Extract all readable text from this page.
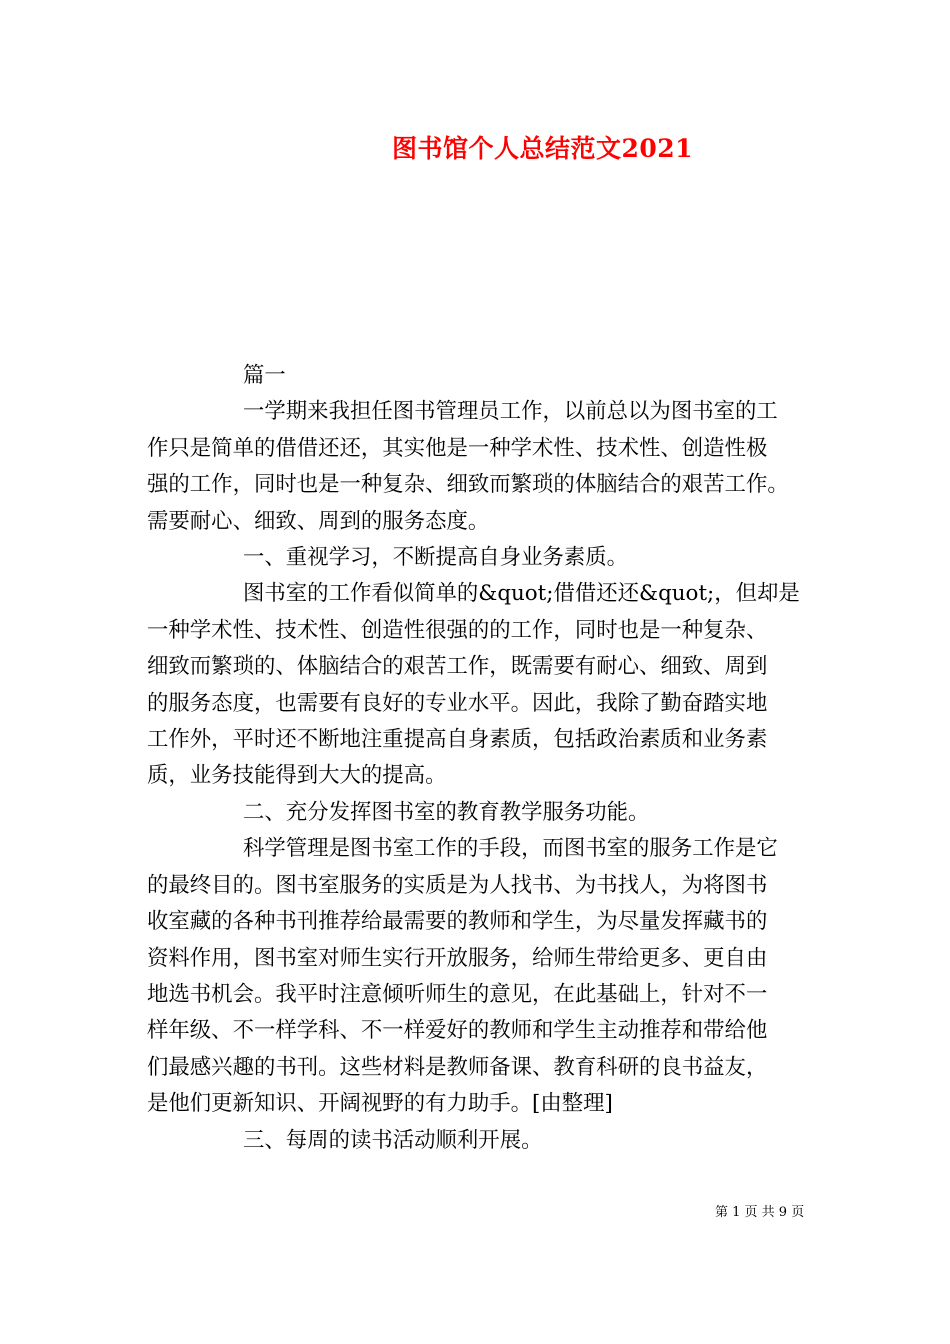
图书馆个人总结范文2021

篇一

一学期来我担任图书管理员工作，以前总以为图书室的工

作只是简单的借借还还，其实他是一种学术性、技术性、创造性极

强的工作，同时也是一种复杂、细致而繁琐的体脑结合的艰苦工作。

需要耐心、细致、周到的服务态度。

一、重视学习，不断提高自身业务素质。

图书室的工作看似简单的&quot;借借还还&quot;，但却是

一种学术性、技术性、创造性很强的的工作，同时也是一种复杂、

细致而繁琐的、体脑结合的艰苦工作，既需要有耐心、细致、周到

的服务态度，也需要有良好的专业水平。因此，我除了勤奋踏实地

工作外，平时还不断地注重提高自身素质，包括政治素质和业务素

质，业务技能得到大大的提高。

二、充分发挥图书室的教育教学服务功能。

科学管理是图书室工作的手段，而图书室的服务工作是它

的最终目的。图书室服务的实质是为人找书、为书找人，为将图书

收室藏的各种书刊推荐给最需要的教师和学生，为尽量发挥藏书的

资料作用，图书室对师生实行开放服务，给师生带给更多、更自由

地选书机会。我平时注意倾听师生的意见，在此基础上，针对不一

样年级、不一样学科、不一样爱好的教师和学生主动推荐和带给他

们最感兴趣的书刊。这些材料是教师备课、教育科研的良书益友，

是他们更新知识、开阔视野的有力助手。[由整理]

三、每周的读书活动顺利开展。

第 1 页 共 9 页
